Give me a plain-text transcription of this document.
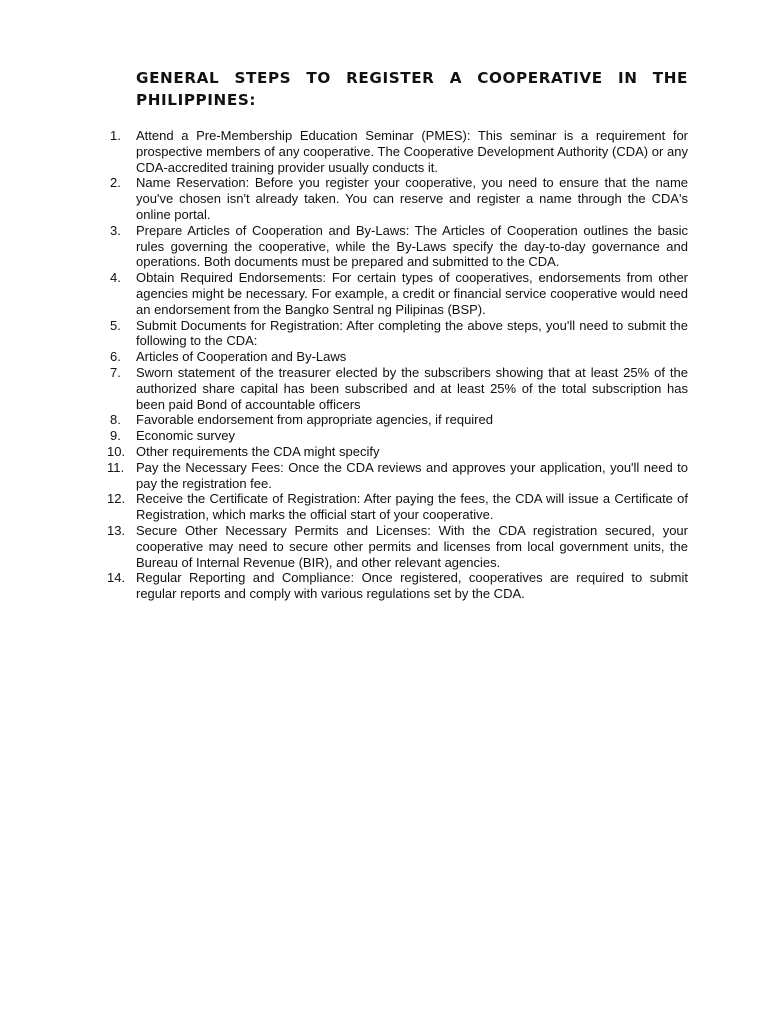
GENERAL STEPS TO REGISTER A COOPERATIVE IN THE PHILIPPINES:
1.	Attend a Pre-Membership Education Seminar (PMES): This seminar is a requirement for prospective members of any cooperative. The Cooperative Development Authority (CDA) or any CDA-accredited training provider usually conducts it.
2.	Name Reservation: Before you register your cooperative, you need to ensure that the name you've chosen isn't already taken. You can reserve and register a name through the CDA's online portal.
3.	Prepare Articles of Cooperation and By-Laws: The Articles of Cooperation outlines the basic rules governing the cooperative, while the By-Laws specify the day-to-day governance and operations. Both documents must be prepared and submitted to the CDA.
4.	Obtain Required Endorsements: For certain types of cooperatives, endorsements from other agencies might be necessary. For example, a credit or financial service cooperative would need an endorsement from the Bangko Sentral ng Pilipinas (BSP).
5.	Submit Documents for Registration: After completing the above steps, you'll need to submit the following to the CDA:
6.	Articles of Cooperation and By-Laws
7.	Sworn statement of the treasurer elected by the subscribers showing that at least 25% of the authorized share capital has been subscribed and at least 25% of the total subscription has been paid Bond of accountable officers
8.	Favorable endorsement from appropriate agencies, if required
9.	Economic survey
10. Other requirements the CDA might specify
11. Pay the Necessary Fees: Once the CDA reviews and approves your application, you'll need to pay the registration fee.
12. Receive the Certificate of Registration: After paying the fees, the CDA will issue a Certificate of Registration, which marks the official start of your cooperative.
13. Secure Other Necessary Permits and Licenses: With the CDA registration secured, your cooperative may need to secure other permits and licenses from local government units, the Bureau of Internal Revenue (BIR), and other relevant agencies.
14. Regular Reporting and Compliance: Once registered, cooperatives are required to submit regular reports and comply with various regulations set by the CDA.
